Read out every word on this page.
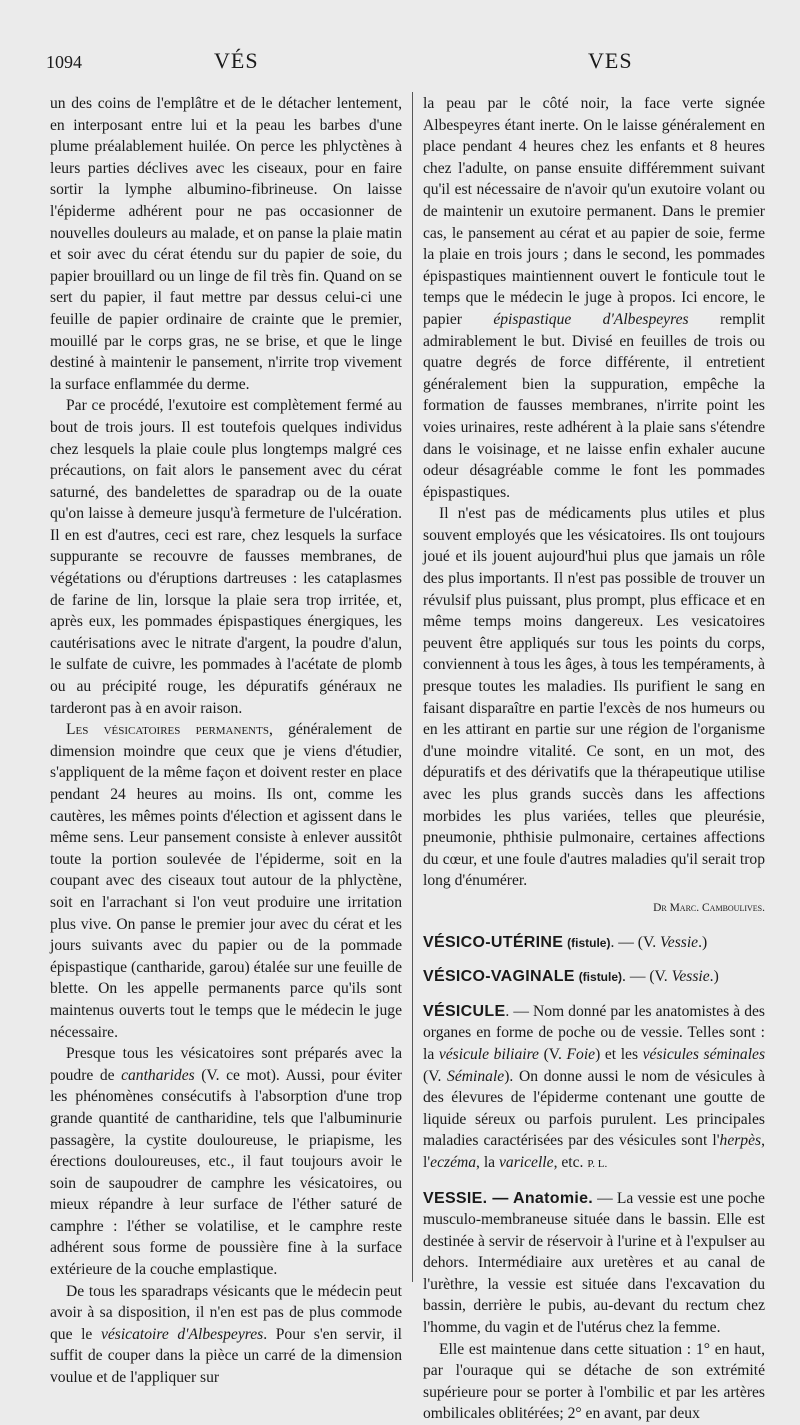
1094	VÉS	VES

un des coins de l'emplâtre et de le détacher lentement, en interposant entre lui et la peau les barbes d'une plume préalablement huilée. On perce les phlyctènes à leurs parties déclives avec les ciseaux, pour en faire sortir la lymphe albumino-fibrineuse. On laisse l'épiderme adhérent pour ne pas occasionner de nouvelles douleurs au malade, et on panse la plaie matin et soir avec du cérat étendu sur du papier de soie, du papier brouillard ou un linge de fil très fin. Quand on se sert du papier, il faut mettre par dessus celui-ci une feuille de papier ordinaire de crainte que le premier, mouillé par le corps gras, ne se brise, et que le linge destiné à maintenir le pansement, n'irrite trop vivement la surface enflammée du derme.

Par ce procédé, l'exutoire est complètement fermé au bout de trois jours. Il est toutefois quelques individus chez lesquels la plaie coule plus longtemps malgré ces précautions, on fait alors le pansement avec du cérat saturné, des bandelettes de sparadrap ou de la ouate qu'on laisse à demeure jusqu'à fermeture de l'ulcération. Il en est d'autres, ceci est rare, chez lesquels la surface suppurante se recouvre de fausses membranes, de végétations ou d'éruptions dartreuses : les cataplasmes de farine de lin, lorsque la plaie sera trop irritée, et, après eux, les pommades épispastiques énergiques, les cautérisations avec le nitrate d'argent, la poudre d'alun, le sulfate de cuivre, les pommades à l'acétate de plomb ou au précipité rouge, les dépuratifs généraux ne tarderont pas à en avoir raison.

Les vésicatoires permanents, généralement de dimension moindre que ceux que je viens d'étudier, s'appliquent de la même façon et doivent rester en place pendant 24 heures au moins. Ils ont, comme les cautères, les mêmes points d'élection et agissent dans le même sens. Leur pansement consiste à enlever aussitôt toute la portion soulevée de l'épiderme, soit en la coupant avec des ciseaux tout autour de la phlyctène, soit en l'arrachant si l'on veut produire une irritation plus vive. On panse le premier jour avec du cérat et les jours suivants avec du papier ou de la pommade épispastique (cantharide, garou) étalée sur une feuille de blette. On les appelle permanents parce qu'ils sont maintenus ouverts tout le temps que le médecin le juge nécessaire.

Presque tous les vésicatoires sont préparés avec la poudre de cantharides (V. ce mot). Aussi, pour éviter les phénomènes consécutifs à l'absorption d'une trop grande quantité de cantharidine, tels que l'albuminurie passagère, la cystite douloureuse, le priapisme, les érections douloureuses, etc., il faut toujours avoir le soin de saupoudrer de camphre les vésicatoires, ou mieux répandre à leur surface de l'éther saturé de camphre : l'éther se volatilise, et le camphre reste adhérent sous forme de poussière fine à la surface extérieure de la couche emplastique.

De tous les sparadraps vésicants que le médecin peut avoir à sa disposition, il n'en est pas de plus commode que le vésicatoire d'Albespeyres. Pour s'en servir, il suffit de couper dans la pièce un carré de la dimension voulue et de l'appliquer sur

la peau par le côté noir, la face verte signée Albespeyres étant inerte. On le laisse généralement en place pendant 4 heures chez les enfants et 8 heures chez l'adulte, on panse ensuite différemment suivant qu'il est nécessaire de n'avoir qu'un exutoire volant ou de maintenir un exutoire permanent. Dans le premier cas, le pansement au cérat et au papier de soie, ferme la plaie en trois jours ; dans le second, les pommades épispastiques maintiennent ouvert le fonticule tout le temps que le médecin le juge à propos. Ici encore, le papier épispastique d'Albespeyres remplit admirablement le but. Divisé en feuilles de trois ou quatre degrés de force différente, il entretient généralement bien la suppuration, empêche la formation de fausses membranes, n'irrite point les voies urinaires, reste adhérent à la plaie sans s'étendre dans le voisinage, et ne laisse enfin exhaler aucune odeur désagréable comme le font les pommades épispastiques.

Il n'est pas de médicaments plus utiles et plus souvent employés que les vésicatoires. Ils ont toujours joué et ils jouent aujourd'hui plus que jamais un rôle des plus importants. Il n'est pas possible de trouver un révulsif plus puissant, plus prompt, plus efficace et en même temps moins dangereux. Les vesicatoires peuvent être appliqués sur tous les points du corps, conviennent à tous les âges, à tous les tempéraments, à presque toutes les maladies. Ils purifient le sang en faisant disparaître en partie l'excès de nos humeurs ou en les attirant en partie sur une région de l'organisme d'une moindre vitalité. Ce sont, en un mot, des dépuratifs et des dérivatifs que la thérapeutique utilise avec les plus grands succès dans les affections morbides les plus variées, telles que pleurésie, pneumonie, phthisie pulmonaire, certaines affections du cœur, et une foule d'autres maladies qu'il serait trop long d'énumérer.

Dr Marc. Camboulives.

VÉSICO-UTÉRINE (fistule). — (V. Vessie.)

VÉSICO-VAGINALE (fistule). — (V. Vessie.)

VÉSICULE. — Nom donné par les anatomistes à des organes en forme de poche ou de vessie. Telles sont : la vésicule biliaire (V. Foie) et les vésicules séminales (V. Séminale). On donne aussi le nom de vésicules à des élevures de l'épiderme contenant une goutte de liquide séreux ou parfois purulent. Les principales maladies caractérisées par des vésicules sont l'herpès, l'eczéma, la varicelle, etc. P. L.

VESSIE. — Anatomie. — La vessie est une poche musculo-membraneuse située dans le bassin. Elle est destinée à servir de réservoir à l'urine et à l'expulser au dehors. Intermédiaire aux uretères et au canal de l'urèthre, la vessie est située dans l'excavation du bassin, derrière le pubis, au-devant du rectum chez l'homme, du vagin et de l'utérus chez la femme.

Elle est maintenue dans cette situation : 1° en haut, par l'ouraque qui se détache de son extrémité supérieure pour se porter à l'ombilic et par les artères ombilicales oblitérées; 2° en avant, par deux
